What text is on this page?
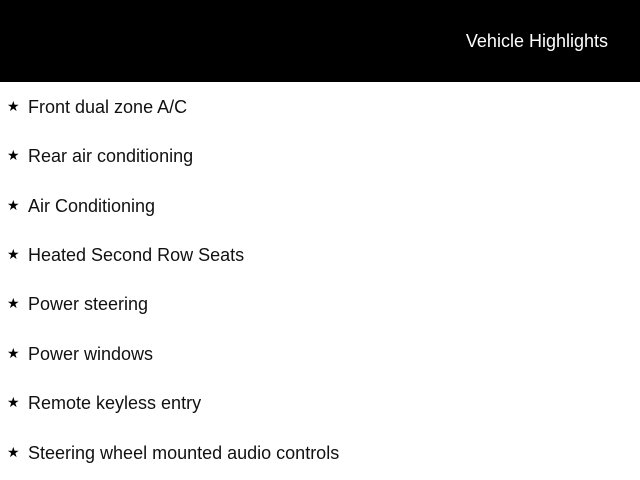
Vehicle Highlights
★ Front dual zone A/C
★ Rear air conditioning
★ Air Conditioning
★ Heated Second Row Seats
★ Power steering
★ Power windows
★ Remote keyless entry
★ Steering wheel mounted audio controls
